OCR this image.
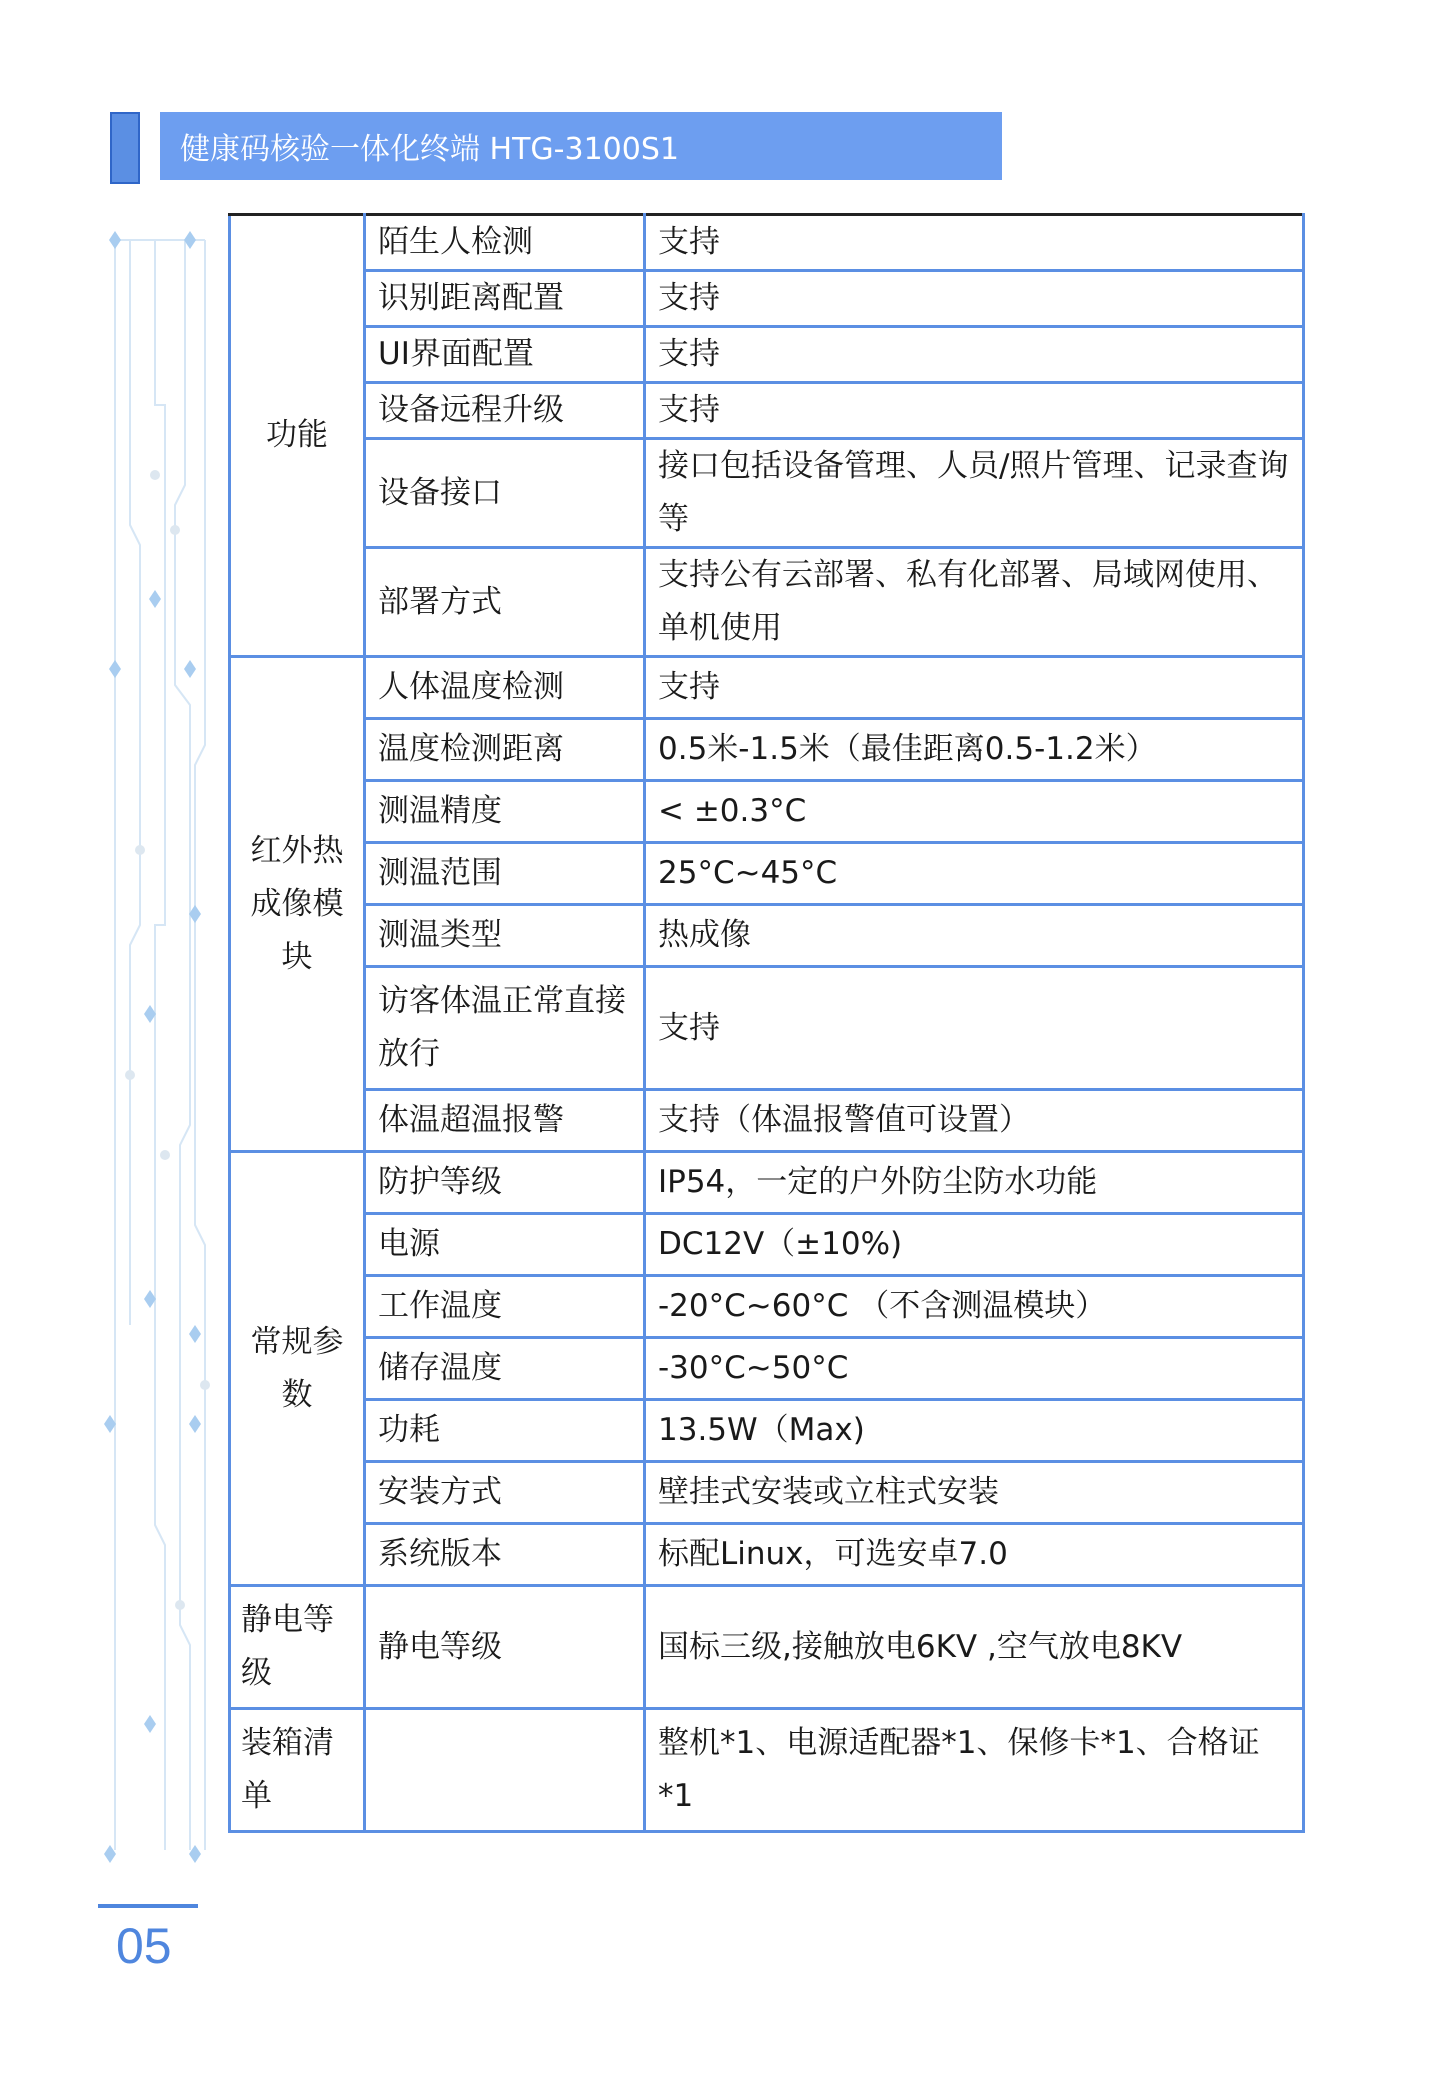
健康码核验一体化终端 HTG-3100S1
功能	陌生人检测	支持
	识别距离配置	支持
	UI界面配置	支持
	设备远程升级	支持
	设备接口	接口包括设备管理、人员/照片管理、记录查询等
	部署方式	支持公有云部署、私有化部署、局域网使用、单机使用
红外热成像模块	人体温度检测	支持
	温度检测距离	0.5米-1.5米（最佳距离0.5-1.2米）
	测温精度	< ±0.3°C
	测温范围	25°C~45°C
	测温类型	热成像
	访客体温正常直接放行	支持
	体温超温报警	支持（体温报警值可设置）
常规参数	防护等级	IP54，一定的户外防尘防水功能
	电源	DC12V（±10%)
	工作温度	-20°C~60°C （不含测温模块）
	储存温度	-30°C~50°C
	功耗	13.5W（Max)
	安装方式	壁挂式安装或立柱式安装
	系统版本	标配Linux，可选安卓7.0

静电等级	静电等级	国标三级,接触放电6KV ,空气放电8KV

装箱清单		整机*1、电源适配器*1、保修卡*1、合格证*1
05
